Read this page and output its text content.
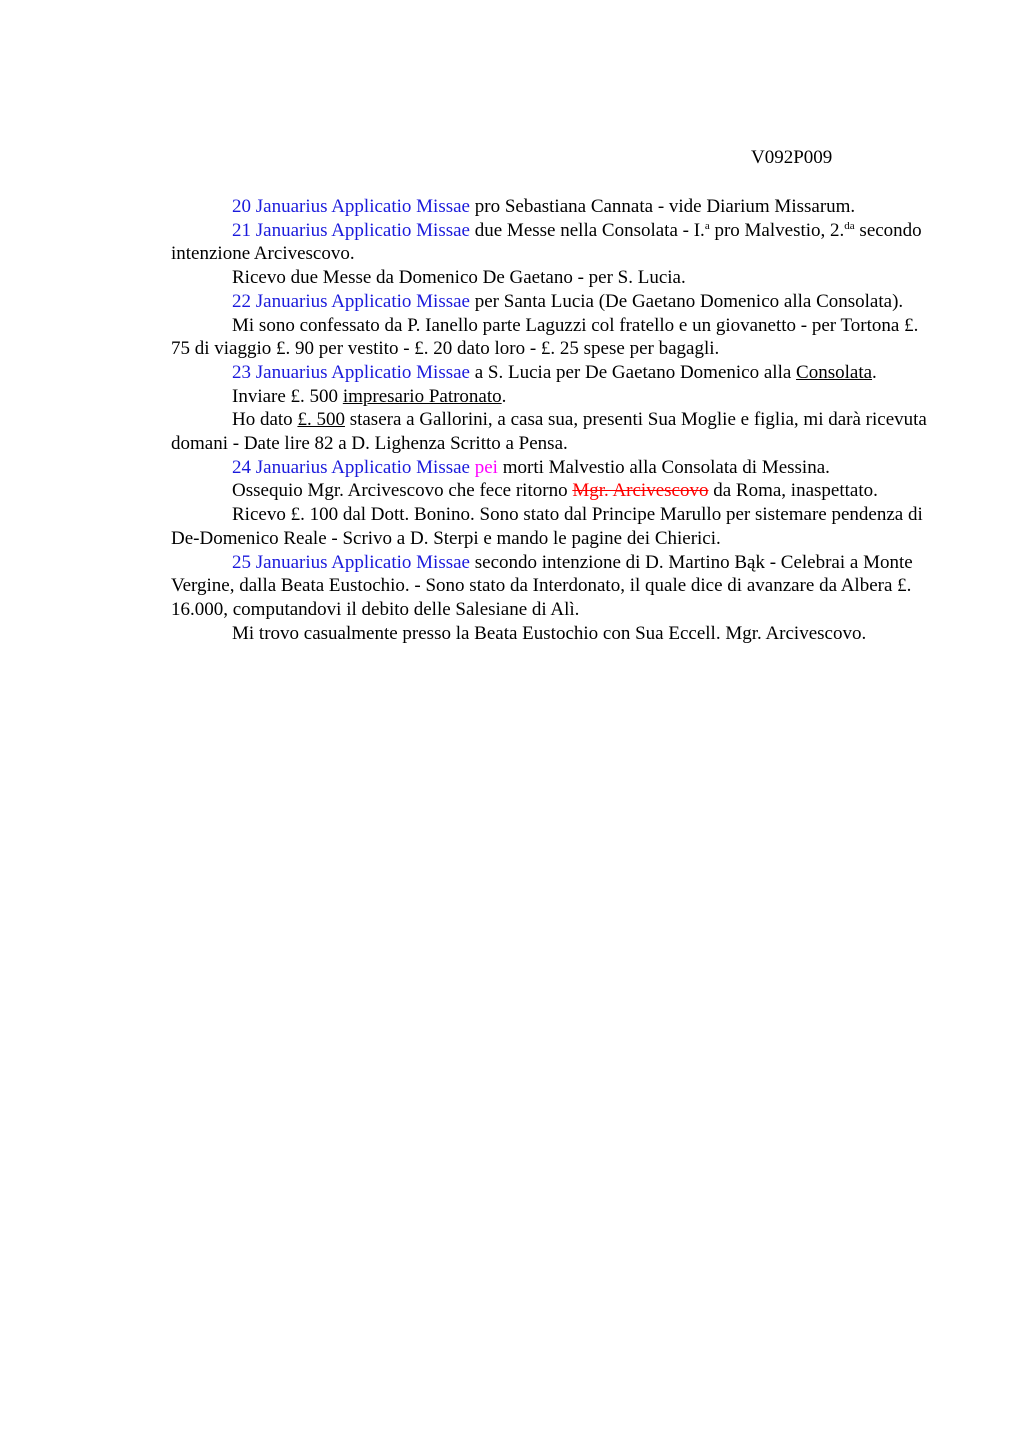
V092P009

20 Januarius Applicatio Missae pro Sebastiana Cannata - vide Diarium Missarum.

21 Januarius Applicatio Missae due Messe nella Consolata - I.$^a$ pro Malvestio, 2.$^{da}$ secondo intenzione Arcivescovo.

Ricevo due Messe da Domenico De Gaetano - per S. Lucia.

22 Januarius Applicatio Missae per Santa Lucia (De Gaetano Domenico alla Consolata).

Mi sono confessato da P. Ianello parte Laguzzi col fratello e un giovanetto - per Tortona £. 75 di viaggio £. 90 per vestito - £. 20 dato loro - £. 25 spese per bagagli.

23 Januarius Applicatio Missae a S. Lucia per De Gaetano Domenico alla Consolata.

Inviare £. 500 impresario Patronato.

Ho dato £. 500 stasera a Gallorini, a casa sua, presenti Sua Moglie e figlia, mi darà ricevuta domani - Date lire 82 a D. Lighenza Scritto a Pensa.

24 Januarius Applicatio Missae pei morti Malvestio alla Consolata di Messina.

Ossequio Mgr. Arcivescovo che fece ritorno Mgr. Arcivescovo da Roma, inaspettato.

Ricevo £. 100 dal Dott. Bonino. Sono stato dal Principe Marullo per sistemare pendenza di De-Domenico Reale - Scrivo a D. Sterpi e mando le pagine dei Chierici.

25 Januarius Applicatio Missae secondo intenzione di D. Martino Bąk - Celebrai a Monte Vergine, dalla Beata Eustochio. - Sono stato da Interdonato, il quale dice di avanzare da Albera £. 16.000, computandovi il debito delle Salesiane di Alì.

Mi trovo casualmente presso la Beata Eustochio con Sua Eccell. Mgr. Arcivescovo.
